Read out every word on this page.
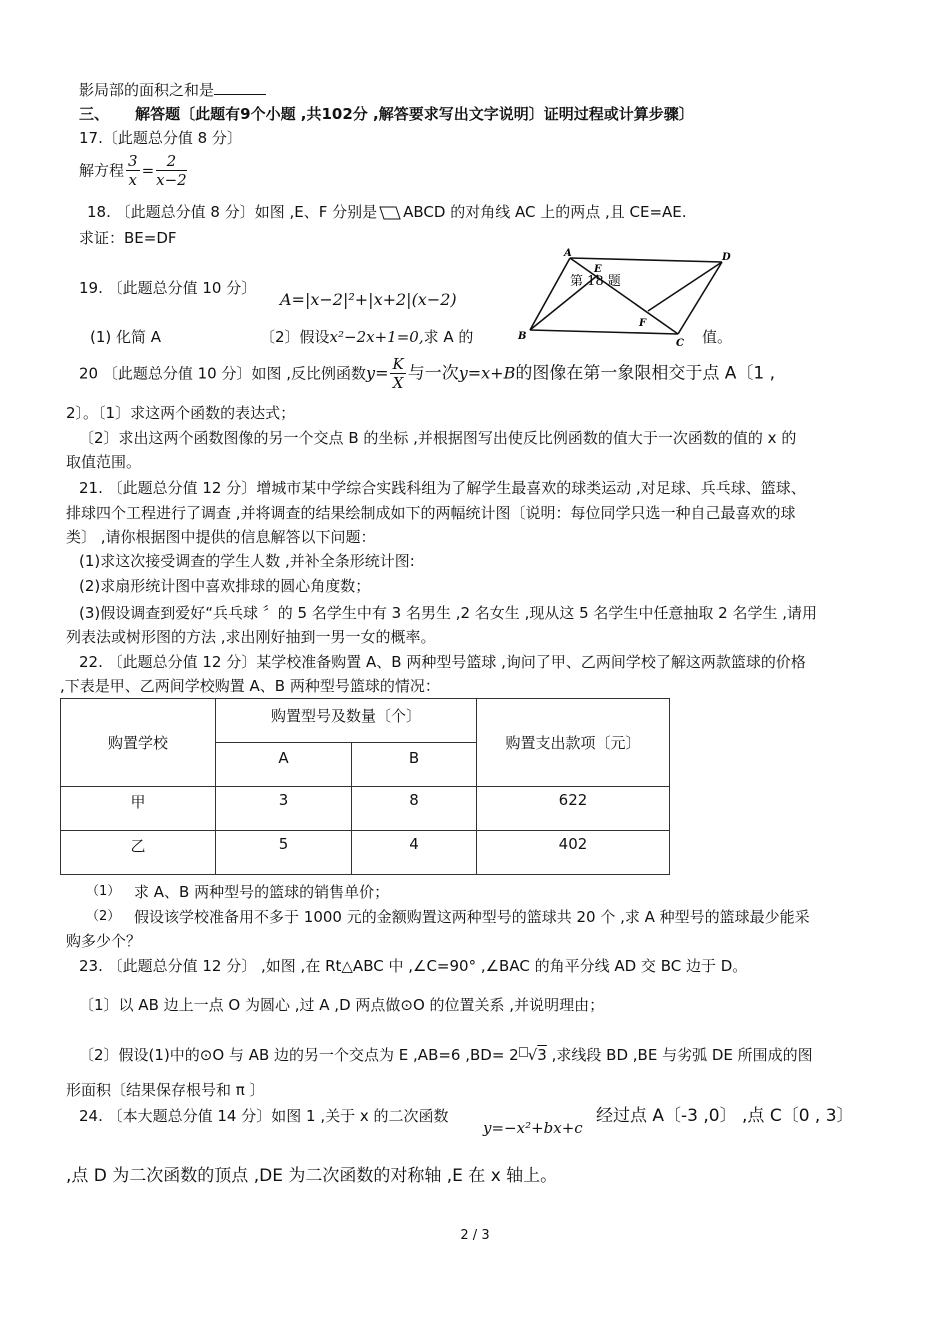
影局部的面积之和是
三、 解答题〔此题有9个小题 ,共102分 ,解答要求写出文字说明〕证明过程或计算步骤〕
17.〔此题总分值 8 分〕
解方程 $\frac{3}{x} = \frac{2}{x-2}$
18. 〔此题总分值 8 分〕如图 ,E、F 分别是 ABCD 的对角线 AC 上的两点 ,且 CE=AE.
求证：BE=DF
A	D
E
F
B
C
第 18 题
19. 〔此题总分值 10 分〕
A=|x−2|²+|x+2|(x−2)
(1) 化简 A	〔2〕假设x²−2x+1=0,求 A 的	值。
20 〔此题总分值 10 分〕如图 ,反比例函数$y= \frac{K}{X}$ 与一次y=x+B的图像在第一象限相交于点 A〔1 ,
2〕。〔1〕求这两个函数的表达式；
〔2〕求出这两个函数图像的另一个交点 B 的坐标 ,并根据图写出使反比例函数的值大于一次函数的值的 x 的
取值范围。
21. 〔此题总分值 12 分〕增城市某中学综合实践科组为了解学生最喜欢的球类运动 ,对足球、兵乓球、篮球、
排球四个工程进行了调查 ,并将调查的结果绘制成如下的两幅统计图〔说明：每位同学只选一种自己最喜欢的球
类〕 ,请你根据图中提供的信息解答以下问题：
(1)求这次接受调查的学生人数 ,并补全条形统计图:
(2)求扇形统计图中喜欢排球的圆心角度数；
(3)假设调查到爱好“兵乓球 〞的 5 名学生中有 3 名男生 ,2 名女生 ,现从这 5 名学生中任意抽取 2 名学生 ,请用
列表法或树形图的方法 ,求出刚好抽到一男一女的概率。
22. 〔此题总分值 12 分〕某学校准备购置 A、B 两种型号篮球 ,询问了甲、乙两间学校了解这两款篮球的价格
,下表是甲、乙两间学校购置 A、B 两种型号篮球的情况：
购置学校	购置型号及数量〔个〕		购置支出款项〔元〕
	A	B	
甲	3	8	622
乙	5	4	402
（1） 求 A、B 两种型号的篮球的销售单价；
（2） 假设该学校准备用不多于 1000 元的金额购置这两种型号的篮球共 20 个 ,求 A 种型号的篮球最少能采
购多少个？
23. 〔此题总分值 12 分〕 ,如图 ,在 Rt△ABC 中 ,∠C=90° ,∠BAC 的角平分线 AD 交 BC 边于 D。
〔1〕以 AB 边上一点 O 为圆心 ,过 A ,D 两点做⊙O 的位置关系 ,并说明理由；
〔2〕假设(1)中的⊙O 与 AB 边的另一个交点为 E ,AB=6 ,BD= 2 √3 ,求线段 BD ,BE 与劣弧 DE 所围成的图
形面积〔结果保存根号和 π 〕
24. 〔本大题总分值 14 分〕如图 1 ,关于 x 的二次函数
y=−x²+bx+c
经过点 A〔-3 ,0〕 ,点 C〔0 , 3〕
,点 D 为二次函数的顶点 ,DE 为二次函数的对称轴 ,E 在 x 轴上。
2 / 3
